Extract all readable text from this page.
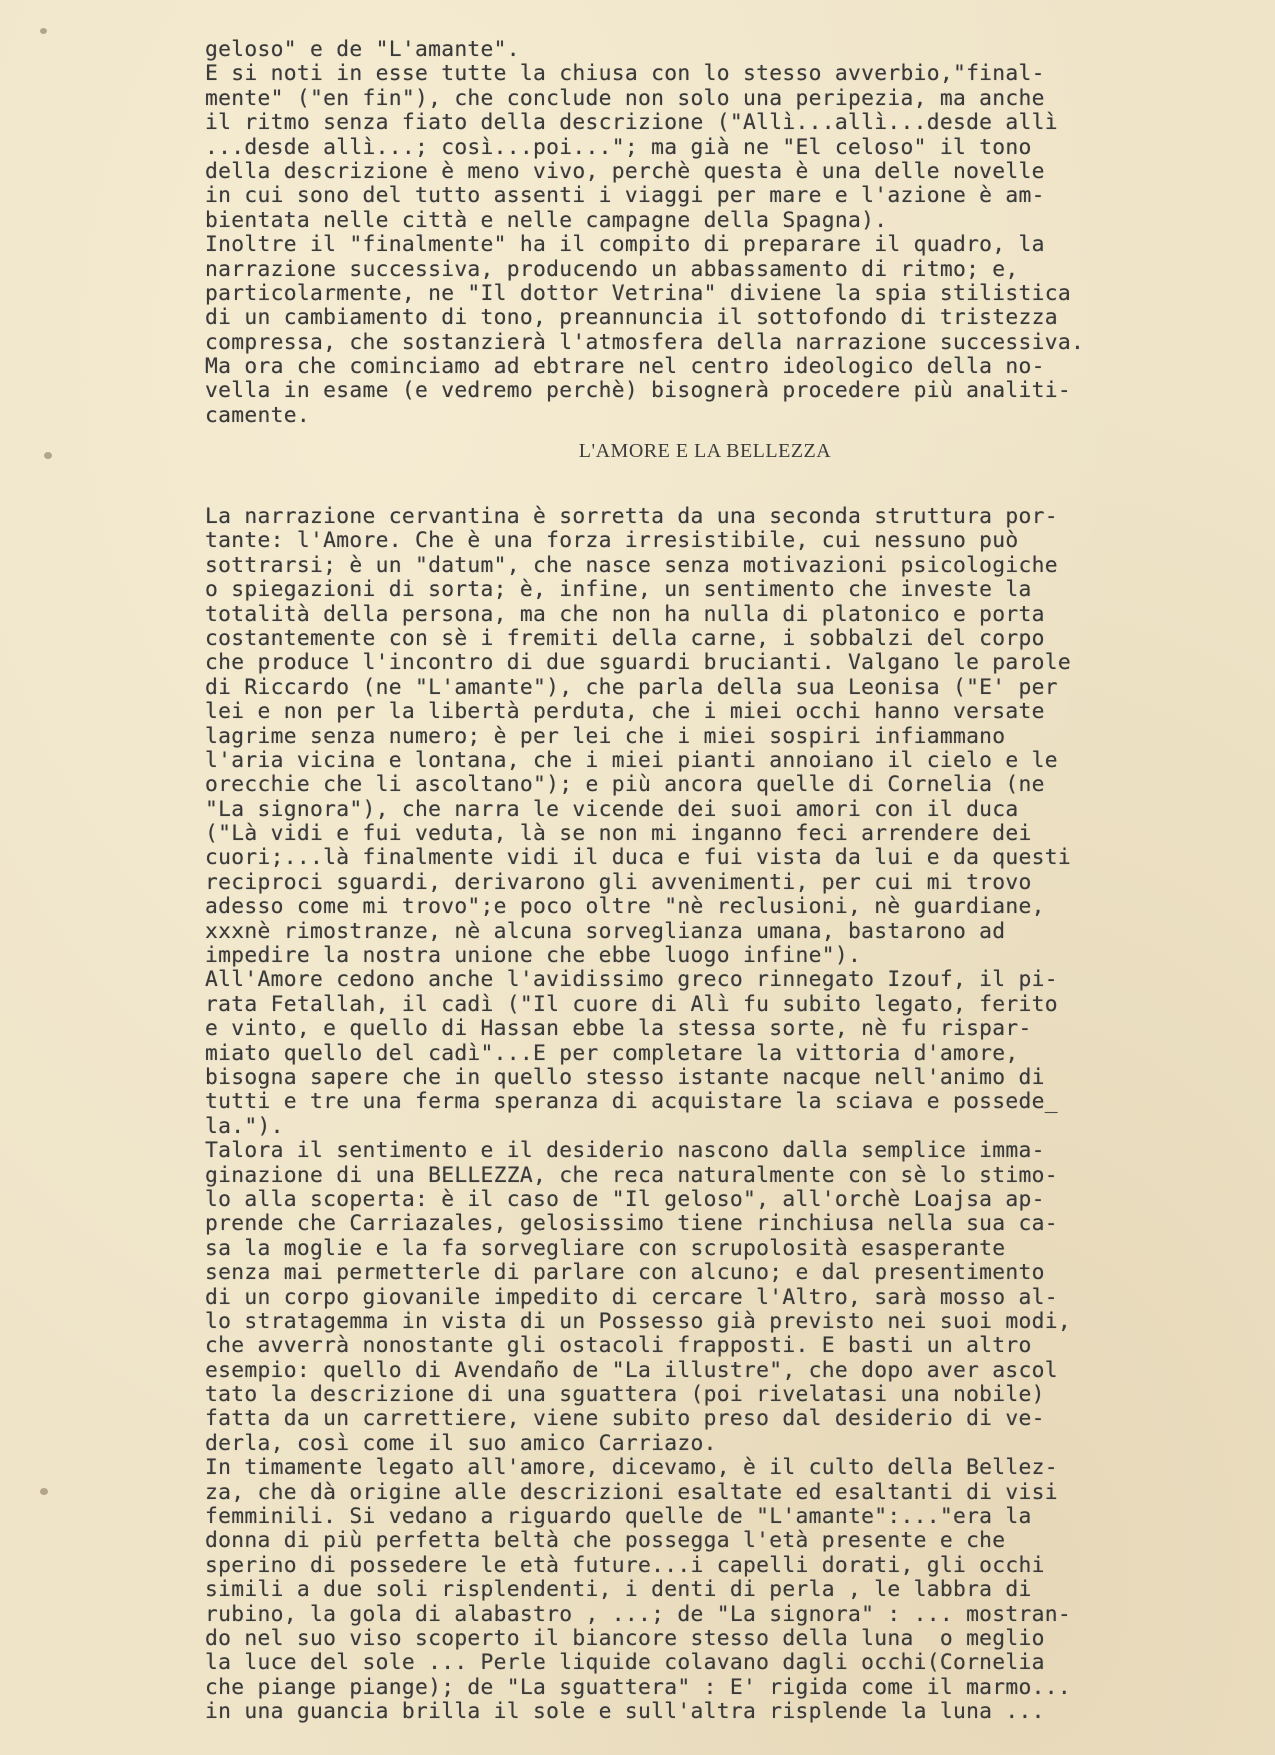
geloso" e de "L'amante".
E si noti in esse tutte la chiusa con lo stesso avverbio,"final-
mente" ("en fin"), che conclude non solo una peripezia, ma anche
il ritmo senza fiato della descrizione ("Allì...allì...desde allì
...desde allì...; così...poi..."; ma già ne "El celoso" il tono
della descrizione è meno vivo, perchè questa è una delle novelle
in cui sono del tutto assenti i viaggi per mare e l'azione è am-
bientata nelle città e nelle campagne della Spagna).
Inoltre il "finalmente" ha il compito di preparare il quadro, la
narrazione successiva, producendo un abbassamento di ritmo; e,
particolarmente, ne "Il dottor Vetrina" diviene la spia stilistica
di un cambiamento di tono, preannuncia il sottofondo di tristezza
compressa, che sostanzierà l'atmosfera della narrazione successiva.
Ma ora che cominciamo ad ebtrare nel centro ideologico della no-
vella in esame (e vedremo perchè) bisognerà procedere più analiti-
camente.
L'AMORE E LA BELLEZZA
La narrazione cervantina è sorretta da una seconda struttura por-
tante: l'Amore. Che è una forza irresistibile, cui nessuno può
sottrarsi; è un "datum", che nasce senza motivazioni psicologiche
o spiegazioni di sorta; è, infine, un sentimento che investe la
totalità della persona, ma che non ha nulla di platonico e porta
costantemente con sè i fremiti della carne, i sobbalzi del corpo
che produce l'incontro di due sguardi brucianti. Valgano le parole
di Riccardo (ne "L'amante"), che parla della sua Leonisa ("E' per
lei e non per la libertà perduta, che i miei occhi hanno versate
lagrime senza numero; è per lei che i miei sospiri infiammano
l'aria vicina e lontana, che i miei pianti annoiano il cielo e le
orecchie che li ascoltano"); e più ancora quelle di Cornelia (ne
"La signora"), che narra le vicende dei suoi amori con il duca
("Là vidi e fui veduta, là se non mi inganno feci arrendere dei
cuori;...là finalmente vidi il duca e fui vista da lui e da questi
reciproci sguardi, derivarono gli avvenimenti, per cui mi trovo
adesso come mi trovo";e poco oltre "nè reclusioni, nè guardiane,
xxxnè rimostranze, nè alcuna sorveglianza umana, bastarono ad
impedire la nostra unione che ebbe luogo infine").
All'Amore cedono anche l'avidissimo greco rinnegato Izouf, il pi-
rata Fetallah, il cadì ("Il cuore di Alì fu subito legato, ferito
e vinto, e quello di Hassan ebbe la stessa sorte, nè fu rispar-
miato quello del cadì"...E per completare la vittoria d'amore,
bisogna sapere che in quello stesso istante nacque nell'animo di
tutti e tre una ferma speranza di acquistare la sciava e possede_
la.").
Talora il sentimento e il desiderio nascono dalla semplice imma-
ginazione di una BELLEZZA, che reca naturalmente con sè lo stimo-
lo alla scoperta: è il caso de "Il geloso", all'orchè Loajsa ap-
prende che Carriazales, gelosissimo tiene rinchiusa nella sua ca-
sa la moglie e la fa sorvegliare con scrupolosità esasperante
senza mai permetterle di parlare con alcuno; e dal presentimento
di un corpo giovanile impedito di cercare l'Altro, sarà mosso al-
lo stratagemma in vista di un Possesso già previsto nei suoi modi,
che avverrà nonostante gli ostacoli frapposti. E basti un altro
esempio: quello di Avendaño de "La illustre", che dopo aver ascol
tato la descrizione di una sguattera (poi rivelatasi una nobile)
fatta da un carrettiere, viene subito preso dal desiderio di ve-
derla, così come il suo amico Carriazo.
In timamente legato all'amore, dicevamo, è il culto della Bellez-
za, che dà origine alle descrizioni esaltate ed esaltanti di visi
femminili. Si vedano a riguardo quelle de "L'amante":..."era la
donna di più perfetta beltà che possegga l'età presente e che
sperino di possedere le età future...i capelli dorati, gli occhi
simili a due soli risplendenti, i denti di perla , le labbra di
rubino, la gola di alabastro , ...; de "La signora" : ... mostran-
do nel suo viso scoperto il biancore stesso della luna  o meglio
la luce del sole ... Perle liquide colavano dagli occhi(Cornelia
che piange piange); de "La sguattera" : E' rigida come il marmo...
in una guancia brilla il sole e sull'altra risplende la luna ...
